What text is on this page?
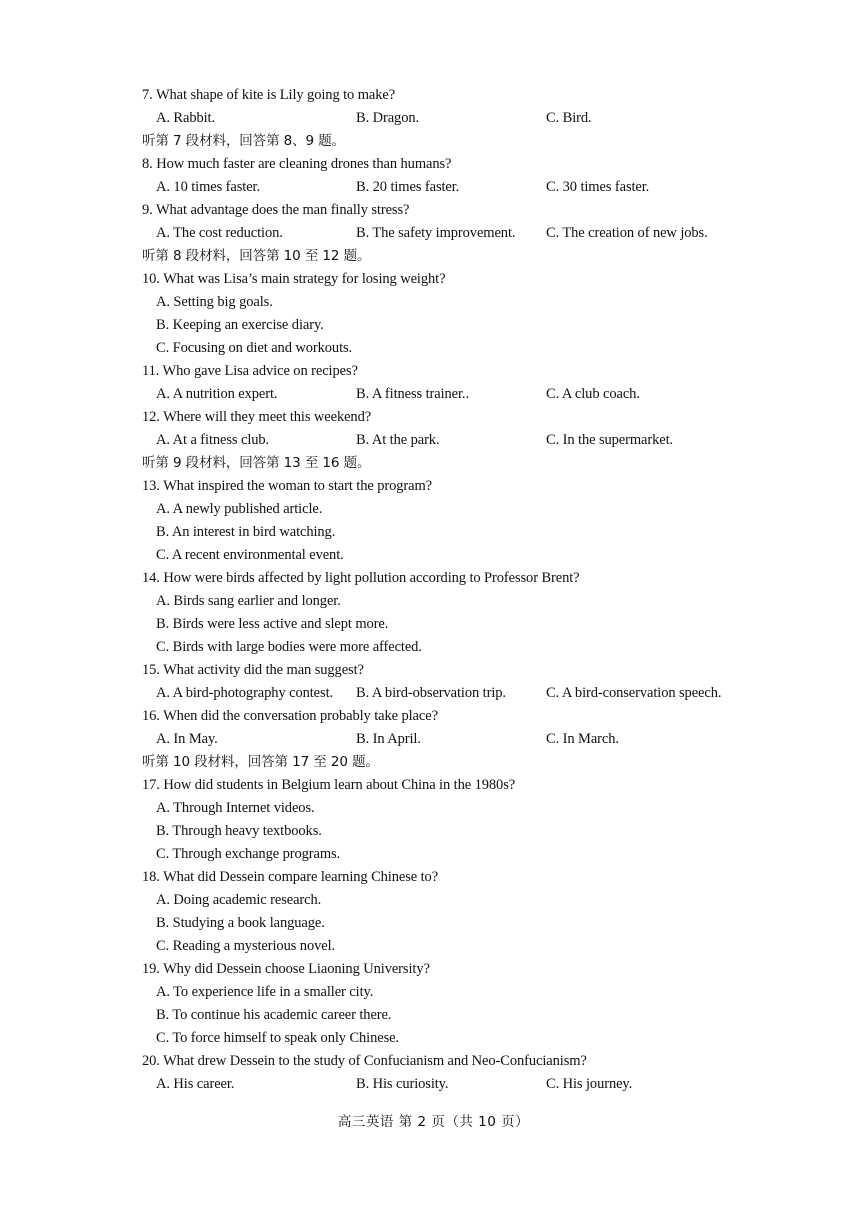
7. What shape of kite is Lily going to make?
A. Rabbit.	B. Dragon.	C. Bird.
听第 7 段材料，回答第 8、9 题。
8. How much faster are cleaning drones than humans?
A. 10 times faster.	B. 20 times faster.	C. 30 times faster.
9. What advantage does the man finally stress?
A. The cost reduction.	B. The safety improvement. C. The creation of new jobs.
听第 8 段材料，回答第 10 至 12 题。
10. What was Lisa’s main strategy for losing weight?
A. Setting big goals.
B. Keeping an exercise diary.
C. Focusing on diet and workouts.
11. Who gave Lisa advice on recipes?
A. A nutrition expert.	B. A fitness trainer..	C. A club coach.
12. Where will they meet this weekend?
A. At a fitness club.	B. At the park.	C. In the supermarket.
听第 9 段材料，回答第 13 至 16 题。
13. What inspired the woman to start the program?
A. A newly published article.
B. An interest in bird watching.
C. A recent environmental event.
14. How were birds affected by light pollution according to Professor Brent?
A. Birds sang earlier and longer.
B. Birds were less active and slept more.
C. Birds with large bodies were more affected.
15. What activity did the man suggest?
A. A bird-photography contest. B. A bird-observation trip.	C. A bird-conservation speech.
16. When did the conversation probably take place?
A. In May.	B. In April.	C. In March.
听第 10 段材料，回答第 17 至 20 题。
17. How did students in Belgium learn about China in the 1980s?
A. Through Internet videos.
B. Through heavy textbooks.
C. Through exchange programs.
18. What did Dessein compare learning Chinese to?
A. Doing academic research.
B. Studying a book language.
C. Reading a mysterious novel.
19. Why did Dessein choose Liaoning University?
A. To experience life in a smaller city.
B. To continue his academic career there.
C. To force himself to speak only Chinese.
20. What drew Dessein to the study of Confucianism and Neo-Confucianism?
A. His career.	B. His curiosity.	C. His journey.
高三英语 第 2 页（共 10 页）
